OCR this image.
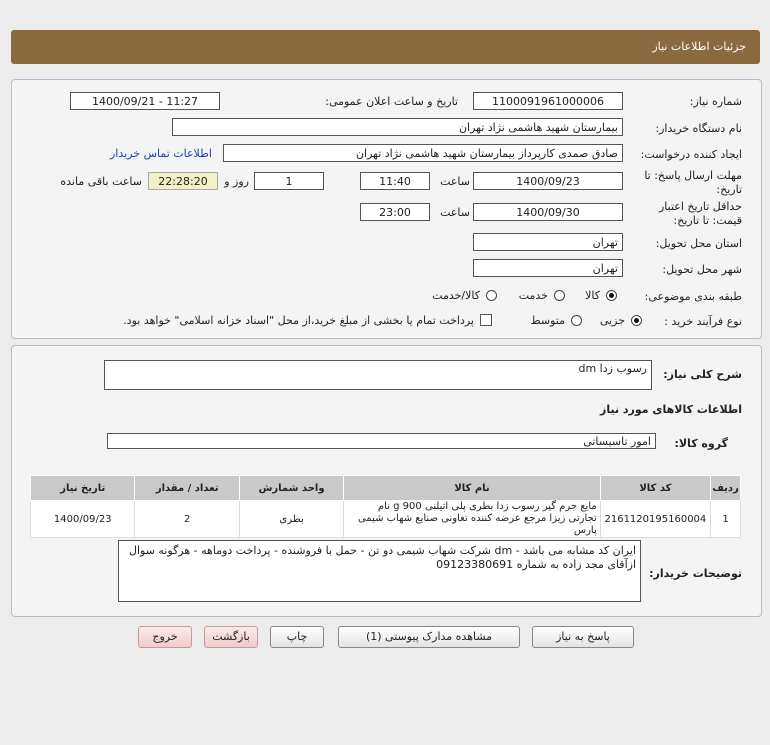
جزئیات اطلاعات نیاز
شماره نیاز:
1100091961000006
تاریخ و ساعت اعلان عمومی:
1400/09/21 - 11:27
نام دستگاه خریدار:
بیمارستان شهید هاشمی نژاد تهران
ایجاد کننده درخواست:
صادق صمدی کارپرداز بیمارستان شهید هاشمی نژاد تهران
اطلاعات تماس خریدار
مهلت ارسال پاسخ: تا تاریخ:
1400/09/23
ساعت
11:40
1
روز و
22:28:20
ساعت باقی مانده
حداقل تاریخ اعتبار قیمت: تا تاریخ:
1400/09/30
ساعت
23:00
استان محل تحویل:
تهران
شهر محل تحویل:
تهران
طبقه بندی موضوعی:
کالا
خدمت
کالا/خدمت
نوع فرآیند خرید :
جزیی
متوسط
پرداخت تمام یا بخشی از مبلغ خرید،از محل "اسناد خزانه اسلامی" خواهد بود.
شرح کلی نیاز:
رسوب زدا dm
اطلاعات کالاهای مورد نیاز
گروه کالا:
امور تاسیساتی
ردیف	کد کالا	نام کالا	واحد شمارش	تعداد / مقدار	تاریخ نیاز
1	2161120195160004	مایع جرم گیر رسوب زدا بطری پلی اتیلنی 900 g نام تجارتی زیزا مرجع عرضه کننده تعاونی صنایع شهاب شیمی پارس	بطری	2	1400/09/23
توضیحات خریدار:
ایران کد مشابه می باشد - dm شرکت شهاب شیمی دو تن - حمل با فروشنده - پرداخت دوماهه - هرگونه سوال ازآقای مجد زاده به شماره 09123380691
پاسخ به نیاز
مشاهده مدارک پیوستی (1)
چاپ
بازگشت
خروج
